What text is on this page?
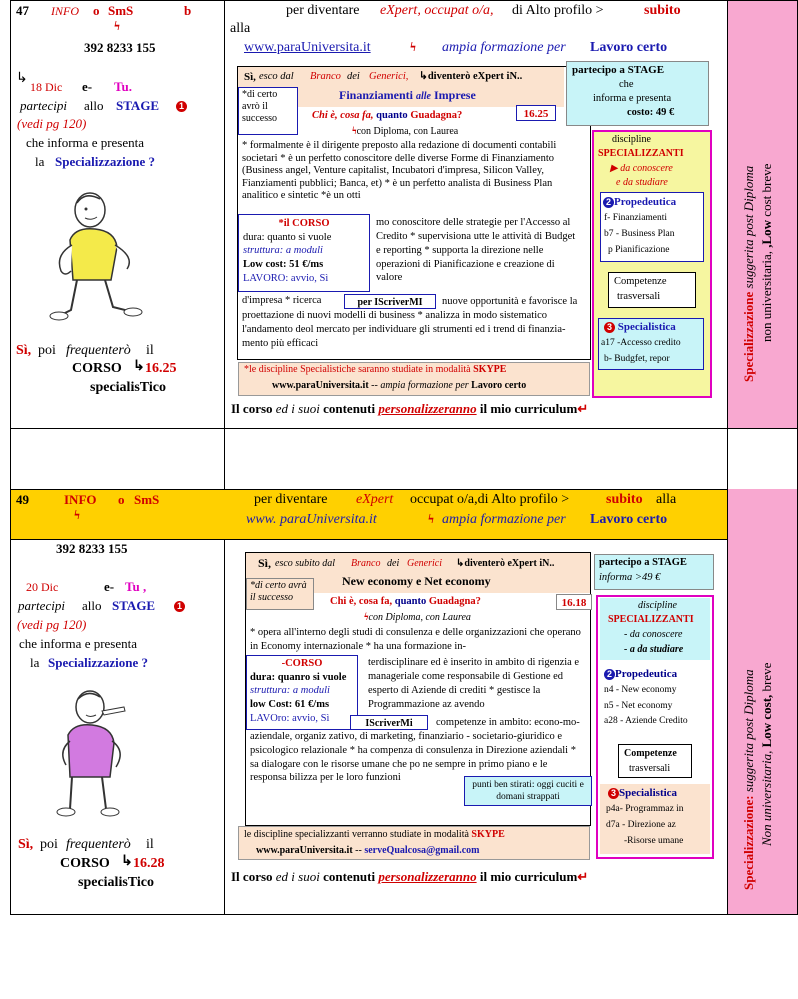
47 INFO o SmS	b
ϟ
392 8233 155
↳
18 Dic e- Tu.
partecipi allo STAGE	1
(vedi pg 120)
che informa e presenta
la Specializzazione ?
Sì, poi frequenterò il
CORSO ↳ 16.25
specialisTico
per diventare eXpert, occupat o/a, di Alto profilo >	subito
alla
www.paraUniversita.it	ϟ ampia formazione per Lavoro certo
Sì, esco dal Branco dei Generici, ↳diventerò eXpert iN..
Finanziamenti alle Imprese
*di certo avrò il successo	Chi è, cosa fa, quanto Guadagna?	16.25
ϟcon Diploma, con Laurea
* formalmente è il dirigente preposto alla redazione di documenti contabili societari * è un perfetto conoscitore delle diverse Forme di Finanziamento (Business angel, Venture capitalist, Incubatori d'impresa, Silicon Valley, Fianziamenti pubblici; Banca, et) * è un perfetto analista di Business Plan analitico e sintetic *è un otti
*il CORSO
dura: quanto si vuole
struttura: a moduli
Low cost: 51 €/ms
LAVORO: avvio, Sì
mo conoscitore delle strategie per l'Accesso al Credito * supervisiona utte le attività di Budget e reporting * supporta la direzione nelle operazioni di Pianificazione e creazione di valore
d'impresa * ricerca	per IScriverMI	nuove opportunità e favorisce la proettazione di nuovi modelli di business * analizza in modo sistematico l'andamento deol mercato per individuare gli strumenti ed i trend di finanzia-mento più efficaci
*le discipline Specialistiche saranno studiate in modalità SKYPE
www.paraUniversita.it -- ampia formazione per Lavoro certo
partecipo a STAGE
che
informa e presenta
costo: 49 €
discipline
SPECIALIZZANTI
▶ da conoscere
e da studiare
2 Propedeutica
f- Finanziamenti
b7 - Business Plan
p Pianificazione
Competenze
trasversali
3 Specialistica
a17 -Accesso credito
b- Budgfet, repor
Il corso ed i suoi contenuti personalizzeranno il mio curriculum↵
Specializzazione suggerita post Diploma
non universitaria, ,Low cost breve
49	INFO o SmS
ϟ
per diventare eXpert occupat o/a,di Alto profilo >	subito alla
www. paraUniversita.it	ϟ ampia formazione per Lavoro certo
392 8233 155
20 Dic	e- Tu ,
partecipi allo STAGE	1
(vedi pg 120)
che informa e presenta
la Specializzazione ?
Sì, poi frequenterò il
CORSO ↳ 16.28
specialisTico
Sì, esco subito dal Branco dei Generici ↳diventerò eXpert iN..
New economy e Net economy
*di certo avrà il successo	Chi è, cosa fa, quanto Guadagna?	16.18
ϟcon Diploma, con Laurea
* opera all'interno degli studi di consulenza e delle organizzazioni che operano in Economy internazionale * ha una formazione in-
-CORSO
dura: quanro si vuole
struttura: a moduli
low Cost: 61 €/ms
LAVOro: avvio, Sì	IScriverMi
terdisciplinare ed è inserito in ambito di rigenzia e manageriale come responsabile di Gestione ed esperto di Aziende di crediti * gestisce la Programmazione az avendo
competenze in ambito: econo-mo-aziendale, organiz zativo, di marketing, finanziario - societario-giuridico e psicologico relazionale * ha compenza di consulenza in Direzione aziendali * sa dialogare con le risorse umane che po ne sempre in primo piano e le responsa bilizza per le loro funzioni
punti ben stirati: oggi cuciti e domani strappati
le discipline specializzanti verranno studiate in modalità SKYPE
www.paraUniversita.it -- serveQualcosa@gmail.com
partecipo a STAGE
informa >49 €
discipline
SPECIALIZZANTI
- da conoscere
- a da studiare
2 Propedeutica
n4 - New economy
n5 - Net economy
a28 - Aziende Credito
Competenze
trasversali
3 Specialistica
p4a- Programmaz in
d7a - Direzione az
-Risorse umane
Il corso ed i suoi contenuti personalizzeranno il mio curriculum↵	Specializzazione: suggerita post Diploma
Non universitaria, Low cost, breve
